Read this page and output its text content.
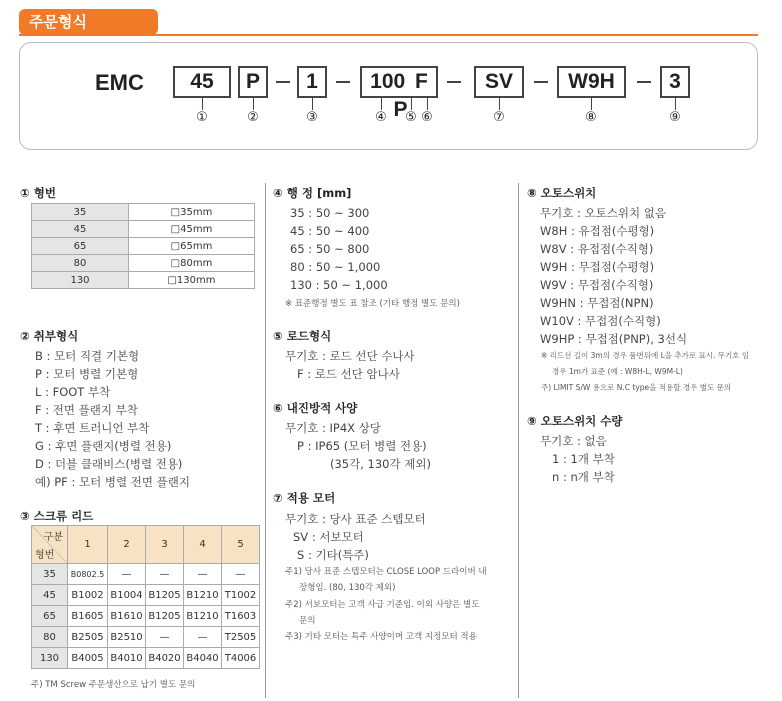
주문형식
EMC	45	P	1	100 F P
SV	W9H	3
①	②	③	④	⑤ ⑥	⑦	⑧	⑨
① 형번
35	□35mm
45	□45mm
65	□65mm
80	□80mm
130	□130mm
② 취부형식
B : 모터 직결 기본형
P : 모터 병렬 기본형
L : FOOT 부착
F : 전면 플랜지 부착
T : 후면 트러니언 부착
G : 후면 플랜지(병렬 전용)
D : 더블 클래비스(병렬 전용)
예) PF : 모터 병렬 전면 플랜지
③ 스크류 리드
구분
형번	1	2	3	4	5
35	B0802.5	—	—	—	—
45	B1002	B1004	B1205	B1210	T1002
65	B1605	B1610	B1205	B1210	T1603
80	B2505	B2510	—	—	T2505
130	B4005	B4010	B4020	B4040	T4006
주) TM Screw 주문생산으로 납기 별도 문의
④ 행 정 [mm]
35 : 50 ~ 300
45 : 50 ~ 400
65 : 50 ~ 800
80 : 50 ~ 1,000
130 : 50 ~ 1,000
※ 표준행정 별도 표 참조 (기타 행정 별도 문의)
⑤ 로드형식
무기호 : 로드 선단 수나사
F : 로드 선단 암나사
⑥ 내진방적 사양
무기호 : IP4X 상당
P : IP65 (모터 병렬 전용)
(35각, 130각 제외)
⑦ 적용 모터
무기호 : 당사 표준 스텝모터
SV : 서보모터
S : 기타(특주)
주1) 당사 표준 스텝모터는 CLOSE LOOP 드라이버 내
장형임. (80, 130각 제외)
주2) 서보모터는 고객 사급 기준임. 이외 사양은 별도
문의
주3) 기타 모터는 특주 사양이며 고객 지정모터 적용
⑧ 오토스위치
무기호 : 오토스위치 없음
W8H : 유접점(수평형)
W8V : 유접점(수직형)
W9H : 무접점(수평형)
W9V : 무접점(수직형)
W9HN : 무접점(NPN)
W10V : 무접점(수직형)
W9HP : 무접점(PNP), 3선식
※ 리드선 길이 3m의 경우 품번뒤에 L을 추가로 표시. 무기호 임
경우 1m가 표준 (예 : W8H-L, W9M-L)
주) LIMIT S/W 용으로 N.C type을 적용할 경우 별도 문의
⑨ 오토스위치 수량
무기호 : 없음
1 : 1개 부착
n : n개 부착
